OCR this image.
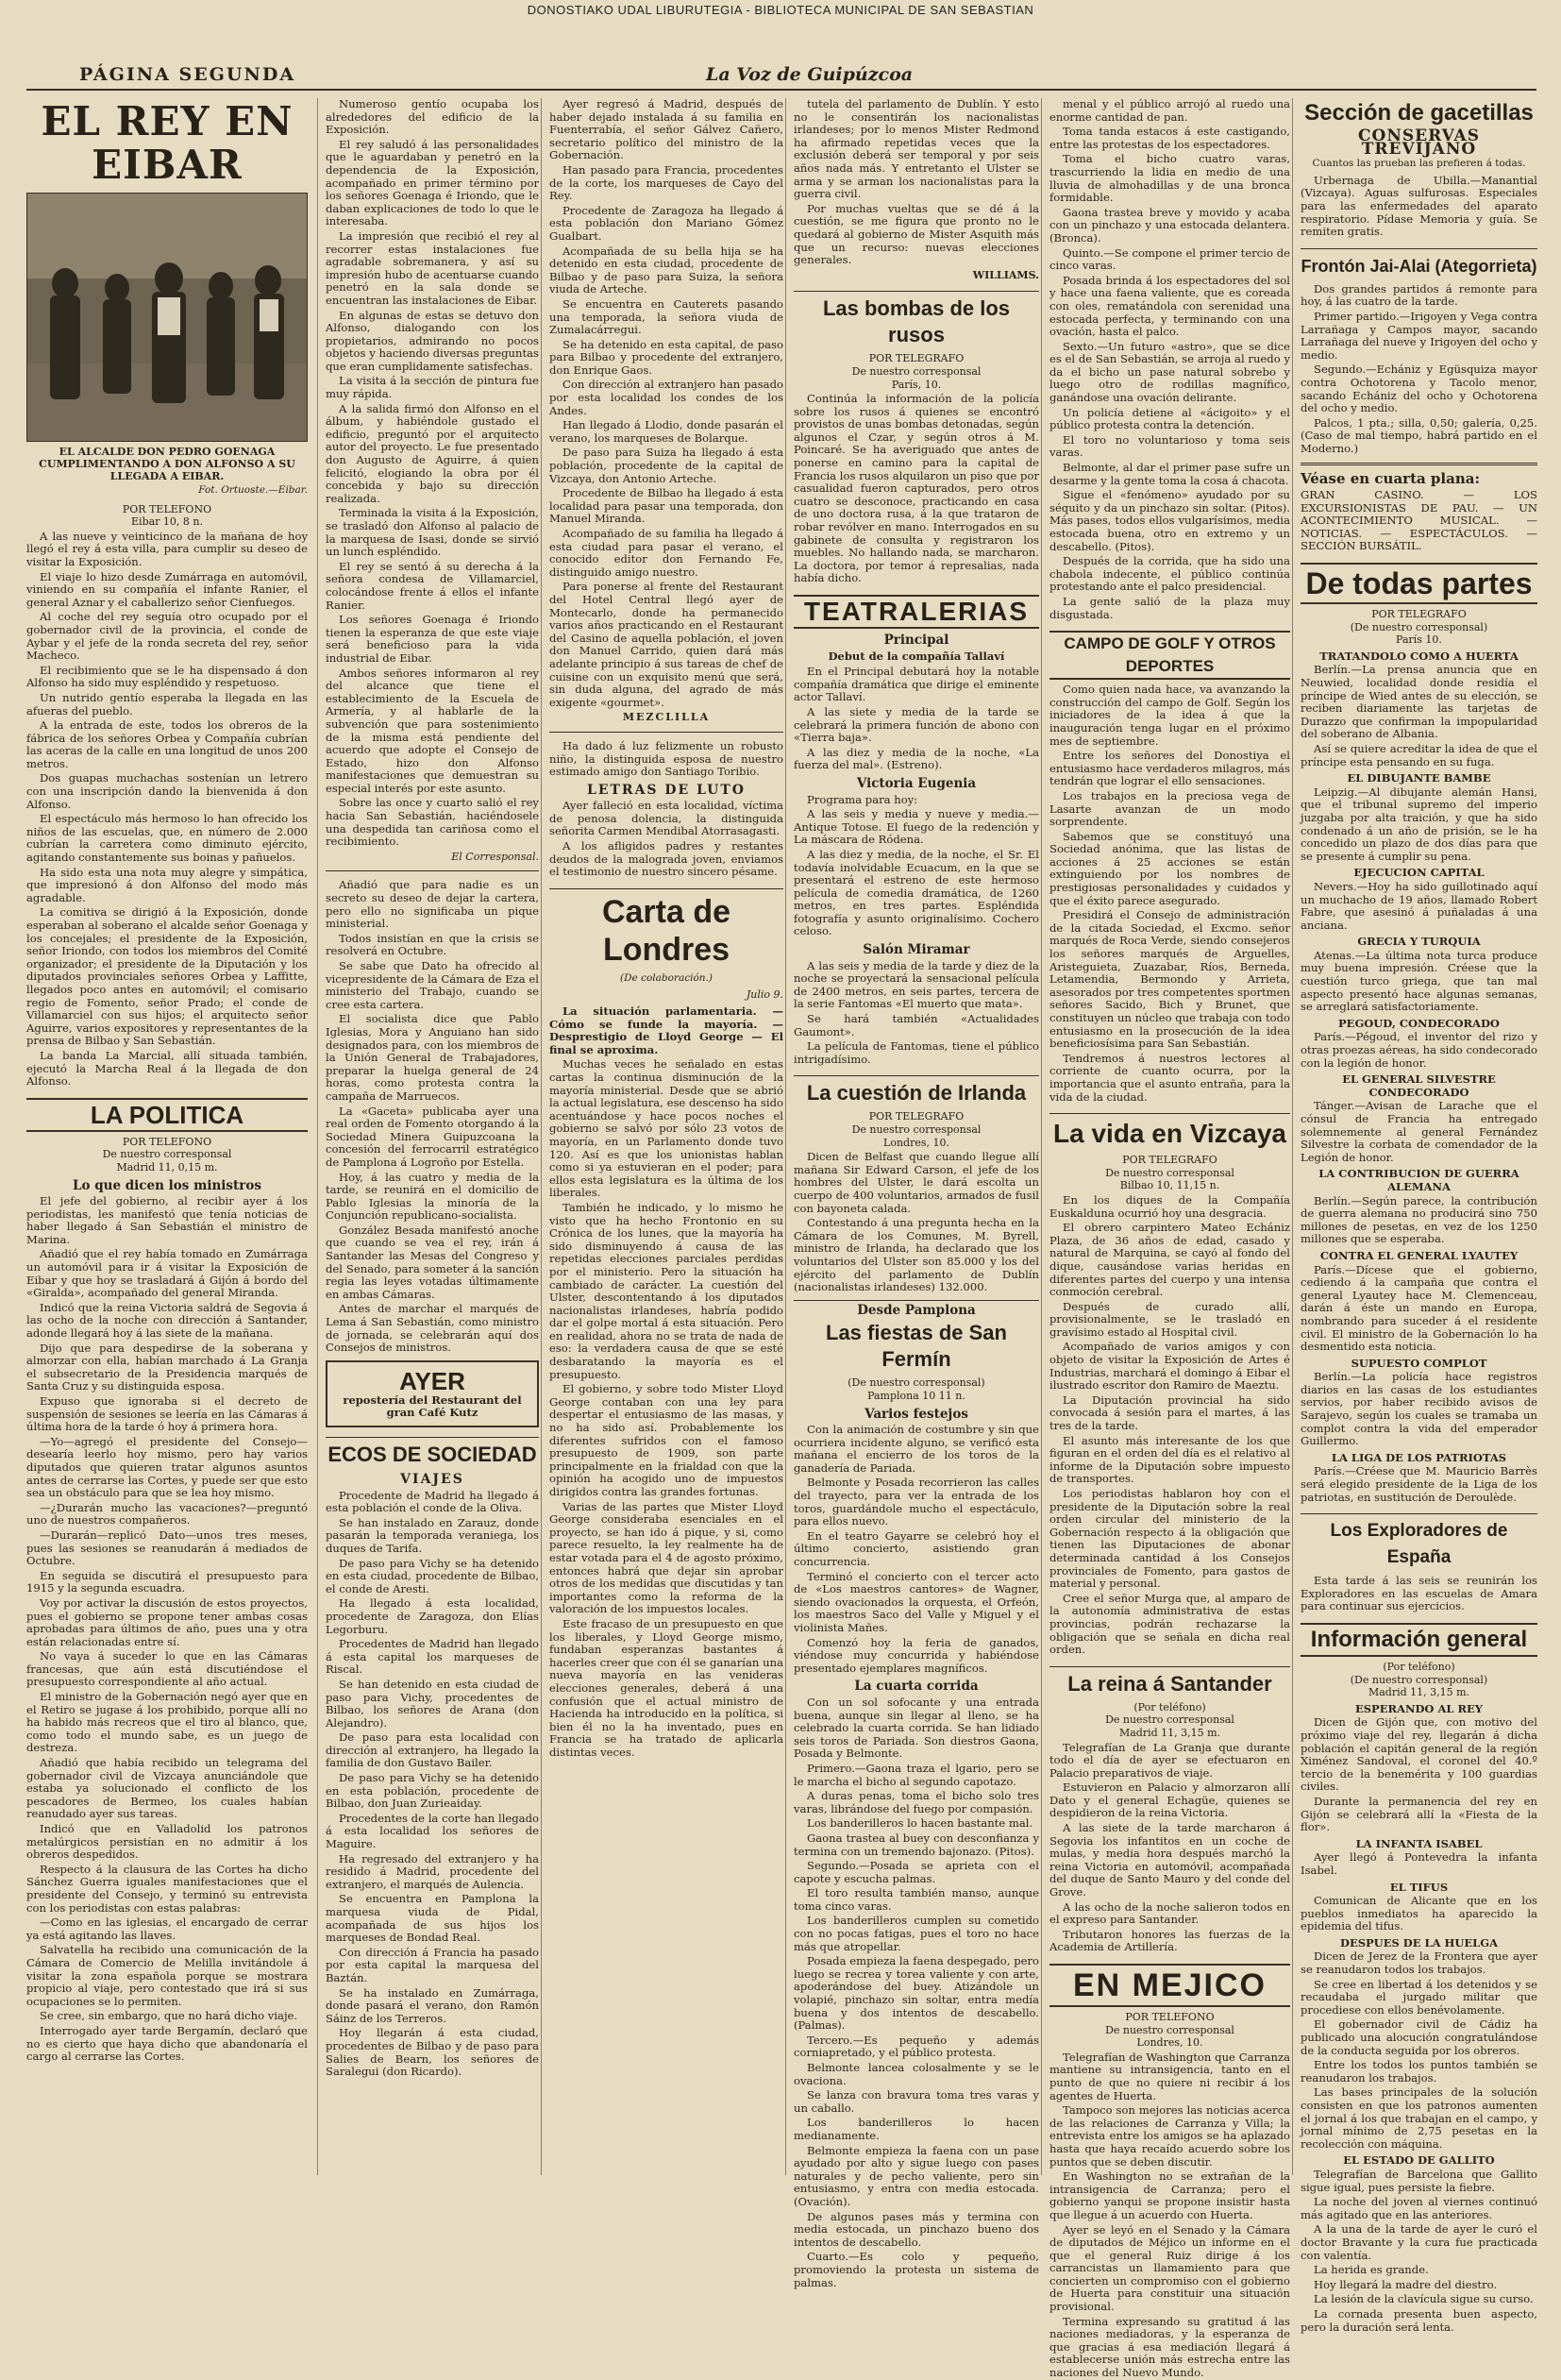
DONOSTIAKO UDAL LIBURUTEGIA - BIBLIOTECA MUNICIPAL DE SAN SEBASTIAN
PÁGINA SEGUNDA	La Voz de Guipúzcoa
EL REY EN EIBAR
EL ALCALDE DON PEDRO GOENAGA CUMPLIMENTANDO A DON ALFONSO A SU LLEGADA A EIBAR.
Fot. Ortuoste.—Eibar.
POR TELEFONO
Eibar 10, 8 n.

A las nueve y veinticinco de la mañana de hoy llegó el rey á esta villa, para cumplir su deseo de visitar la Exposición.

El viaje lo hizo desde Zumárraga en automóvil, viniendo en su compañía el infante Ranier, el general Aznar y el caballerizo señor Cienfuegos.

Al coche del rey seguía otro ocupado por el gobernador civil de la provincia, el conde de Aybar y el jefe de la ronda secreta del rey, señor Macheco.

El recibimiento que se le ha dispensado á don Alfonso ha sido muy espléndido y respetuoso.

Un nutrido gentío esperaba la llegada en las afueras del pueblo.

A la entrada de este, todos los obreros de la fábrica de los señores Orbea y Compañía cubrían las aceras de la calle en una longitud de unos 200 metros.

Dos guapas muchachas sostenían un letrero con una inscripción dando la bienvenida á don Alfonso.

El espectáculo más hermoso lo han ofrecido los niños de las escuelas, que, en número de 2.000 cubrían la carretera como diminuto ejército, agitando constantemente sus boinas y pañuelos.

Ha sido esta una nota muy alegre y simpática, que impresionó á don Alfonso del modo más agradable.

La comitiva se dirigió á la Exposición, donde esperaban al soberano el alcalde señor Goenaga y los concejales; el presidente de la Exposición, señor Iriondo, con todos los miembros del Comité organizador; el presidente de la Diputación y los diputados provinciales señores Orbea y Laffitte, llegados poco antes en automóvil; el comisario regio de Fomento, señor Prado; el conde de Villamarciel con sus hijos; el arquitecto señor Aguirre, varios expositores y representantes de la prensa de Bilbao y San Sebastián.

La banda La Marcial, allí situada también, ejecutó la Marcha Real á la llegada de don Alfonso.

LA POLITICA
POR TELEFONO
De nuestro corresponsal
Madrid 11, 0,15 m.
Lo que dicen los ministros

El jefe del gobierno, al recibir ayer á los periodistas, les manifestó que tenía noticias de haber llegado á San Sebastián el ministro de Marina.

Añadió que el rey había tomado en Zumárraga un automóvil para ir á visitar la Exposición de Eibar y que hoy se trasladará á Gijón á bordo del «Giralda», acompañado del general Miranda.

Indicó que la reina Victoria saldrá de Segovia á las ocho de la noche con dirección á Santander, adonde llegará hoy á las siete de la mañana.

Dijo que para despedirse de la soberana y almorzar con ella, habían marchado á La Granja el subsecretario de la Presidencia marqués de Santa Cruz y su distinguida esposa.

Expuso que ignoraba si el decreto de suspensión de sesiones se leería en las Cámaras á última hora de la tarde ó hoy á primera hora.

—Yo—agregó el presidente del Consejo—desearía leerlo hoy mismo, pero hay varios diputados que quieren tratar algunos asuntos antes de cerrarse las Cortes, y puede ser que esto sea un obstáculo para que se lea hoy mismo.

—¿Durarán mucho las vacaciones?—preguntó uno de nuestros compañeros.

—Durarán—replicó Dato—unos tres meses, pues las sesiones se reanudarán á mediados de Octubre.

En seguida se discutirá el presupuesto para 1915 y la segunda escuadra.

Voy por activar la discusión de estos proyectos, pues el gobierno se propone tener ambas cosas aprobadas para últimos de año, pues una y otra están relacionadas entre sí.

No vaya á suceder lo que en las Cámaras francesas, que aún está discutiéndose el presupuesto correspondiente al año actual.

El ministro de la Gobernación negó ayer que en el Retiro se jugase á los prohibido, porque allí no ha habido más recreos que el tiro al blanco, que, como todo el mundo sabe, es un juego de destreza.

Añadió que había recibido un telegrama del gobernador civil de Vizcaya anunciándole que estaba ya solucionado el conflicto de los pescadores de Bermeo, los cuales habían reanudado ayer sus tareas.

Indicó que en Valladolid los patronos metalúrgicos persistían en no admitir á los obreros despedidos.

Respecto á la clausura de las Cortes ha dicho Sánchez Guerra iguales manifestaciones que el presidente del Consejo, y terminó su entrevista con los periodistas con estas palabras:

—Como en las iglesias, el encargado de cerrar ya está agitando las llaves.

Salvatella ha recibido una comunicación de la Cámara de Comercio de Melilla invitándole á visitar la zona española porque se mostrara propicio al viaje, pero contestado que irá si sus ocupaciones se lo permiten.

Se cree, sin embargo, que no hará dicho viaje.

Interrogado ayer tarde Bergamín, declaró que no es cierto que haya dicho que abandonaría el cargo al cerrarse las Cortes.

Numeroso gentío ocupaba los alrededores del edificio de la Exposición.

El rey saludó á las personalidades que le aguardaban y penetró en la dependencia de la Exposición, acompañado en primer término por los señores Goenaga é Iriondo, que le daban explicaciones de todo lo que le interesaba.

La impresión que recibió el rey al recorrer estas instalaciones fue agradable sobremanera, y así su impresión hubo de acentuarse cuando penetró en la sala donde se encuentran las instalaciones de Eibar.

En algunas de estas se detuvo don Alfonso, dialogando con los propietarios, admirando no pocos objetos y haciendo diversas preguntas que eran cumplidamente satisfechas.

La visita á la sección de pintura fue muy rápida.

A la salida firmó don Alfonso en el álbum, y habiéndole gustado el edificio, preguntó por el arquitecto autor del proyecto. Le fue presentado don Augusto de Aguirre, á quien felicitó, elogiando la obra por él concebida y bajo su dirección realizada.

Terminada la visita á la Exposición, se trasladó don Alfonso al palacio de la marquesa de Isasi, donde se sirvió un lunch espléndido.

El rey se sentó á su derecha á la señora condesa de Villamarciel, colocándose frente á ellos el infante Ranier.

Los señores Goenaga é Iriondo tienen la esperanza de que este viaje será beneficioso para la vida industrial de Eibar.

Ambos señores informaron al rey del alcance que tiene el establecimiento de la Escuela de Armería, y al hablarle de la subvención que para sostenimiento de la misma está pendiente del acuerdo que adopte el Consejo de Estado, hizo don Alfonso manifestaciones que demuestran su especial interés por este asunto.

Sobre las once y cuarto salió el rey hacia San Sebastián, haciéndosele una despedida tan cariñosa como el recibimiento.

El Corresponsal.

Añadió que para nadie es un secreto su deseo de dejar la cartera, pero ello no significaba un pique ministerial.

Todos insistían en que la crisis se resolverá en Octubre.

Se sabe que Dato ha ofrecido al vicepresidente de la Cámara de Eza el ministerio del Trabajo, cuando se cree esta cartera.

El socialista dice que Pablo Iglesias, Mora y Anguiano han sido designados para, con los miembros de la Unión General de Trabajadores, preparar la huelga general de 24 horas, como protesta contra la campaña de Marruecos.

La «Gaceta» publicaba ayer una real orden de Fomento otorgando á la Sociedad Minera Guipuzcoana la concesión del ferrocarril estratégico de Pamplona á Logroño por Estella.

Hoy, á las cuatro y media de la tarde, se reunirá en el domicilio de Pablo Iglesias la minoría de la Conjunción republicano-socialista.

González Besada manifestó anoche que cuando se vea el rey, irán á Santander las Mesas del Congreso y del Senado, para someter á la sanción regia las leyes votadas últimamente en ambas Cámaras.

Antes de marchar el marqués de Lema á San Sebastián, como ministro de jornada, se celebrarán aquí dos Consejos de ministros.

AYER
repostería del Restaurant del gran Café Kutz
ECOS DE SOCIEDAD
VIAJES

Procedente de Madrid ha llegado á esta población el conde de la Oliva.

Se han instalado en Zarauz, donde pasarán la temporada veraniega, los duques de Tarifa.

De paso para Vichy se ha detenido en esta ciudad, procedente de Bilbao, el conde de Aresti.

Ha llegado á esta localidad, procedente de Zaragoza, don Elías Legorburu.

Procedentes de Madrid han llegado á esta capital los marqueses de Riscal.

Se han detenido en esta ciudad de paso para Vichy, procedentes de Bilbao, los señores de Arana (don Alejandro).

De paso para esta localidad con dirección al extranjero, ha llegado la familia de don Gustavo Bailer.

De paso para Vichy se ha detenido en esta población, procedente de Bilbao, don Juan Zurieaiday.

Procedentes de la corte han llegado á esta localidad los señores de Maguire.

Ha regresado del extranjero y ha residido á Madrid, procedente del extranjero, el marqués de Aulencia.

Se encuentra en Pamplona la marquesa viuda de Pidal, acompañada de sus hijos los marqueses de Bondad Real.

Con dirección á Francia ha pasado por esta capital la marquesa del Baztán.

Se ha instalado en Zumárraga, donde pasará el verano, don Ramón Sáinz de los Terreros.

Hoy llegarán á esta ciudad, procedentes de Bilbao y de paso para Salies de Bearn, los señores de Saralegui (don Ricardo).

Ayer regresó á Madrid, después de haber dejado instalada á su familia en Fuenterrabía, el señor Gálvez Cañero, secretario político del ministro de la Gobernación.

Han pasado para Francia, procedentes de la corte, los marqueses de Cayo del Rey.

Procedente de Zaragoza ha llegado á esta población don Mariano Gómez Gualbart.

Acompañada de su bella hija se ha detenido en esta ciudad, procedente de Bilbao y de paso para Suiza, la señora viuda de Arteche.

Se encuentra en Cauterets pasando una temporada, la señora viuda de Zumalacárregui.

Se ha detenido en esta capital, de paso para Bilbao y procedente del extranjero, don Enrique Gaos.

Con dirección al extranjero han pasado por esta localidad los condes de los Andes.

Han llegado á Llodio, donde pasarán el verano, los marqueses de Bolarque.

De paso para Suiza ha llegado á esta población, procedente de la capital de Vizcaya, don Antonio Arteche.

Procedente de Bilbao ha llegado á esta localidad para pasar una temporada, don Manuel Miranda.

Acompañado de su familia ha llegado á esta ciudad para pasar el verano, el conocido editor don Fernando Fe, distinguido amigo nuestro.

Para ponerse al frente del Restaurant del Hotel Central llegó ayer de Montecarlo, donde ha permanecido varios años practicando en el Restaurant del Casino de aquella población, el joven don Manuel Carrido, quien dará más adelante principio á sus tareas de chef de cuisine con un exquisito menú que será, sin duda alguna, del agrado de más exigente «gourmet».

MEZCLILLA

Ha dado á luz felizmente un robusto niño, la distinguida esposa de nuestro estimado amigo don Santiago Toribio.

LETRAS DE LUTO

Ayer falleció en esta localidad, víctima de penosa dolencia, la distinguida señorita Carmen Mendibal Atorrasagasti.

A los afligidos padres y restantes deudos de la malograda joven, enviamos el testimonio de nuestro sincero pésame.

Carta de Londres
(De colaboración.)
Julio 9.

La situación parlamentaria. — Cómo se funde la mayoría. — Desprestigio de Lloyd George — El final se aproxima.

Muchas veces he señalado en estas cartas la continua disminución de la mayoría ministerial. Desde que se abrió la actual legislatura, ese descenso ha sido acentuándose y hace pocos noches el gobierno se salvó por sólo 23 votos de mayoría, en un Parlamento donde tuvo 120. Así es que los unionistas hablan como si ya estuvieran en el poder; para ellos esta legislatura es la última de los liberales.

También he indicado, y lo mismo he visto que ha hecho Frontonio en su Crónica de los lunes, que la mayoría ha sido disminuyendo á causa de las repetidas elecciones parciales perdidas por el ministerio. Pero la situación ha cambiado de carácter. La cuestión del Ulster, descontentando á los diputados nacionalistas irlandeses, habría podido dar el golpe mortal á esta situación. Pero en realidad, ahora no se trata de nada de eso: la verdadera causa de que se esté desbaratando la mayoría es el presupuesto.

El gobierno, y sobre todo Mister Lloyd George contaban con una ley para despertar el entusiasmo de las masas, y no ha sido así. Probablemente los diferentes sufridos con el famoso presupuesto de 1909, son parte principalmente en la frialdad con que la opinión ha acogido uno de impuestos dirigidos contra las grandes fortunas.

Varias de las partes que Mister Lloyd George consideraba esenciales en el proyecto, se han ido á pique, y si, como parece resuelto, la ley realmente ha de estar votada para el 4 de agosto próximo, entonces habrá que dejar sin aprobar otros de los medidas que discutidas y tan importantes como la reforma de la valoración de los impuestos locales.

Este fracaso de un presupuesto en que los liberales, y Lloyd George mismo, fundaban esperanzas bastantes á hacerles creer que con él se ganarían una nueva mayoría en las venideras elecciones generales, deberá á una confusión que el actual ministro de Hacienda ha introducido en la política, si bien él no la ha inventado, pues en Francia se ha tratado de aplicarla distintas veces.

tutela del parlamento de Dublín. Y esto no le consentirán los nacionalistas irlandeses; por lo menos Mister Redmond ha afirmado repetidas veces que la exclusión deberá ser temporal y por seis años nada más. Y entretanto el Ulster se arma y se arman los nacionalistas para la guerra civil.

Por muchas vueltas que se dé á la cuestión, se me figura que pronto no le quedará al gobierno de Mister Asquith más que un recurso: nuevas elecciones generales.

WILLIAMS.
Las bombas de los rusos
POR TELEGRAFO
De nuestro corresponsal
París, 10.

Continúa la información de la policía sobre los rusos á quienes se encontró provistos de unas bombas detonadas, según algunos el Czar, y según otros á M. Poincaré. Se ha averiguado que antes de ponerse en camino para la capital de Francia los rusos alquilaron un piso que por casualidad fueron capturados, pero otros cuatro se desconoce, practicando en casa de uno doctora rusa, á la que trataron de robar revólver en mano. Interrogados en su gabinete de consulta y registraron los muebles. No hallando nada, se marcharon. La doctora, por temor á represalias, nada había dicho.

TEATRALERIAS
Principal
Debut de la compañía Tallaví

En el Principal debutará hoy la notable compañía dramática que dirige el eminente actor Tallaví.

A las siete y media de la tarde se celebrará la primera función de abono con «Tierra baja».

A las diez y media de la noche, «La fuerza del mal». (Estreno).

Victoria Eugenia

Programa para hoy:

A las seis y media y nueve y media.— Antique Totose. El fuego de la redención y La máscara de Ródena.

A las diez y media, de la noche, el Sr. El todavía inolvidable Ecuacum, en la que se presentará el estreno de este hermoso película de comedia dramática, de 1260 metros, en tres partes. Espléndida fotografía y asunto originalísimo. Cochero celoso.

Salón Miramar

A las seis y media de la tarde y diez de la noche se proyectará la sensacional película de 2400 metros, en seis partes, tercera de la serie Fantomas «El muerto que mata».

Se hará también «Actualidades Gaumont».

La película de Fantomas, tiene el público intrigadísimo.

La cuestión de Irlanda
POR TELEGRAFO
De nuestro corresponsal
Londres, 10.

Dicen de Belfast que cuando llegue allí mañana Sir Edward Carson, el jefe de los hombres del Ulster, le dará escolta un cuerpo de 400 voluntarios, armados de fusil con bayoneta calada.

Contestando á una pregunta hecha en la Cámara de los Comunes, M. Byrell, ministro de Irlanda, ha declarado que los voluntarios del Ulster son 85.000 y los del ejército del parlamento de Dublín (nacionalistas irlandeses) 132.000.

Desde Pamplona
Las fiestas de San Fermín
(De nuestro corresponsal)
Pamplona 10 11 n.
Varios festejos

Con la animación de costumbre y sin que ocurriera incidente alguno, se verificó esta mañana el encierro de los toros de la ganadería de Pariada.

Belmonte y Posada recorrieron las calles del trayecto, para ver la entrada de los toros, guardándole mucho el espectáculo, para ellos nuevo.

En el teatro Gayarre se celebró hoy el último concierto, asistiendo gran concurrencia.

Terminó el concierto con el tercer acto de «Los maestros cantores» de Wagner, siendo ovacionados la orquesta, el Orfeón, los maestros Saco del Valle y Miguel y el violinista Mañes.

Comenzó hoy la feria de ganados, viéndose muy concurrida y habiéndose presentado ejemplares magníficos.

La cuarta corrida

Con un sol sofocante y una entrada buena, aunque sin llegar al lleno, se ha celebrado la cuarta corrida. Se han lidiado seis toros de Pariada. Son diestros Gaona, Posada y Belmonte.

Primero.—Gaona traza el lgario, pero se le marcha el bicho al segundo capotazo.

A duras penas, toma el bicho solo tres varas, librándose del fuego por compasión.

Los banderilleros lo hacen bastante mal.

Gaona trastea al buey con desconfianza y termina con un tremendo bajonazo. (Pitos).

Segundo.—Posada se aprieta con el capote y escucha palmas.

El toro resulta también manso, aunque toma cinco varas.

Los banderilleros cumplen su cometido con no pocas fatigas, pues el toro no hace más que atropellar.

Posada empieza la faena despegado, pero luego se recrea y torea valiente y con arte, apoderándose del buey. Atizándole un volapié, pinchazo sin soltar, entra medía buena y dos intentos de descabello. (Palmas).

Tercero.—Es pequeño y además corniapretado, y el público protesta.

Belmonte lancea colosalmente y se le ovaciona.

Se lanza con bravura toma tres varas y un caballo.

Los banderilleros lo hacen medianamente.

Belmonte empieza la faena con un pase ayudado por alto y sigue luego con pases naturales y de pecho valiente, pero sin entusiasmo, y entra con media estocada. (Ovación).

De algunos pases más y termina con media estocada, un pinchazo bueno dos intentos de descabello.

Cuarto.—Es colo y pequeño, promoviendo la protesta un sistema de palmas.

menal y el público arrojó al ruedo una enorme cantidad de pan.

Toma tanda estacos á este castigando, entre las protestas de los espectadores.

Toma el bicho cuatro varas, trascurriendo la lidia en medio de una lluvia de almohadillas y de una bronca formidable.

Gaona trastea breve y movido y acaba con un pinchazo y una estocada delantera. (Bronca).

Quinto.—Se compone el primer tercio de cinco varas.

Posada brinda á los espectadores del sol y hace una faena valiente, que es coreada con oles, rematándola con serenidad una estocada perfecta, y terminando con una ovación, hasta el palco.

Sexto.—Un futuro «astro», que se dice es el de San Sebastián, se arroja al ruedo y da el bicho un pase natural sobrebo y luego otro de rodillas magnífico, ganándose una ovación delirante.

Un policía detiene al «ácigoito» y el público protesta contra la detención.

El toro no voluntarioso y toma seis varas.

Belmonte, al dar el primer pase sufre un desarme y la gente toma la cosa á chacota.

Sigue el «fenómeno» ayudado por su séquito y da un pinchazo sin soltar. (Pitos). Más pases, todos ellos vulgarísimos, media estocada buena, otro en extremo y un descabello. (Pitos).

Después de la corrida, que ha sido una chabola indecente, el público continúa protestando ante el palco presidencial.

La gente salió de la plaza muy disgustada.

CAMPO DE GOLF Y OTROS DEPORTES

Como quien nada hace, va avanzando la construcción del campo de Golf. Según los iniciadores de la idea á que la inauguración tenga lugar en el próximo mes de septiembre.

Entre los señores del Donostiya el entusiasmo hace verdaderos milagros, más tendrán que lograr el ello sensaciones.

Los trabajos en la preciosa vega de Lasarte avanzan de un modo sorprendente.

Sabemos que se constituyó una Sociedad anónima, que las listas de acciones á 25 acciones se están extinguiendo por los nombres de prestigiosas personalidades y cuidados y que el éxito parece asegurado.

Presidirá el Consejo de administración de la citada Sociedad, el Excmo. señor marqués de Roca Verde, siendo consejeros los señores marqués de Arguelles, Aristeguieta, Zuazabar, Ríos, Berneda, Letamendia, Bermondo y Arrieta, asesorados por tres competentes sportmen señores Sacido, Bich y Brunet, que constituyen un núcleo que trabaja con todo entusiasmo en la prosecución de la idea beneficiosísima para San Sebastián.

Tendremos á nuestros lectores al corriente de cuanto ocurra, por la importancia que el asunto entraña, para la vida de la ciudad.

La vida en Vizcaya
POR TELEGRAFO
De nuestro corresponsal
Bilbao 10, 11,15 n.

En los diques de la Compañía Euskalduna ocurrió hoy una desgracia.

El obrero carpintero Mateo Echániz Plaza, de 36 años de edad, casado y natural de Marquina, se cayó al fondo del dique, causándose varias heridas en diferentes partes del cuerpo y una intensa conmoción cerebral.

Después de curado allí, provisionalmente, se le trasladó en gravísimo estado al Hospital civil.

Acompañado de varios amigos y con objeto de visitar la Exposición de Artes é Industrias, marchará el domingo á Eibar el ilustrado escritor don Ramiro de Maeztu.

La Diputación provincial ha sido convocada á sesión para el martes, á las tres de la tarde.

El asunto más interesante de los que figuran en el orden del día es el relativo al informe de la Diputación sobre impuesto de transportes.

Los periodistas hablaron hoy con el presidente de la Diputación sobre la real orden circular del ministerio de la Gobernación respecto á la obligación que tienen las Diputaciones de abonar determinada cantidad á los Consejos provinciales de Fomento, para gastos de material y personal.

Cree el señor Murga que, al amparo de la autonomía administrativa de estas provincias, podrán rechazarse la obligación que se señala en dicha real orden.

La reina á Santander
(Por teléfono)
De nuestro corresponsal
Madrid 11, 3,15 m.

Telegrafían de La Granja que durante todo el día de ayer se efectuaron en Palacio preparativos de viaje.

Estuvieron en Palacio y almorzaron allí Dato y el general Echagüe, quienes se despidieron de la reina Victoria.

A las siete de la tarde marcharon á Segovia los infantitos en un coche de mulas, y media hora después marchó la reina Victoria en automóvil, acompañada del duque de Santo Mauro y del conde del Grove.

A las ocho de la noche salieron todos en el expreso para Santander.

Tributaron honores las fuerzas de la Academia de Artillería.

EN MEJICO
POR TELEFONO
De nuestro corresponsal
Londres, 10.

Telegrafían de Washington que Carranza mantiene su intransigencia, tanto en el punto de que no quiere ni recibir á los agentes de Huerta.

Tampoco son mejores las noticias acerca de las relaciones de Carranza y Villa; la entrevista entre los amigos se ha aplazado hasta que haya recaído acuerdo sobre los puntos que se deben discutir.

En Washington no se extrañan de la intransigencia de Carranza; pero el gobierno yanqui se propone insistir hasta que llegue á un acuerdo con Huerta.

Ayer se leyó en el Senado y la Cámara de diputados de Méjico un informe en el que el general Ruiz dirige á los carrancistas un llamamiento para que concierten un compromiso con el gobierno de Huerta para constituir una situación provisional.

Termina expresando su gratitud á las naciones mediadoras, y la esperanza de que gracias á esa mediación llegará á establecerse unión más estrecha entre las naciones del Nuevo Mundo.

Sección de gacetillas
CONSERVAS TREVIJANO
Cuantos las prueban las prefieren á todas.

Urbernaga de Ubilla.—Manantial (Vizcaya). Aguas sulfurosas. Especiales para las enfermedades del aparato respiratorio. Pídase Memoria y guía. Se remiten gratis.

Frontón Jai-Alai (Ategorrieta)

Dos grandes partidos á remonte para hoy, á las cuatro de la tarde.

Primer partido.—Irigoyen y Vega contra Larrañaga y Campos mayor, sacando Larrañaga del nueve y Irigoyen del ocho y medio.

Segundo.—Echániz y Egüsquiza mayor contra Ochotorena y Tacolo menor, sacando Echániz del ocho y Ochotorena del ocho y medio.

Palcos, 1 pta.; silla, 0,50; galería, 0,25. (Caso de mal tiempo, habrá partido en el Moderno.)

Véase en cuarta plana:

GRAN CASINO. — LOS EXCURSIONISTAS DE PAU. — UN ACONTECIMIENTO MUSICAL. — NOTICIAS. — ESPECTÁCULOS. — SECCIÓN BURSÁTIL.

De todas partes
POR TELEGRAFO
(De nuestro corresponsal)
París 10.
TRATANDOLO COMO A HUERTA

Berlín.—La prensa anuncia que en Neuwied, localidad donde residía el príncipe de Wied antes de su elección, se reciben diariamente las tarjetas de Durazzo que confirman la impopularidad del soberano de Albania.

Así se quiere acreditar la idea de que el príncipe esta pensando en su fuga.

EL DIBUJANTE BAMBE

Leipzig.—Al dibujante alemán Hansi, que el tribunal supremo del imperio juzgaba por alta traición, y que ha sido condenado á un año de prisión, se le ha concedido un plazo de dos días para que se presente á cumplir su pena.

EJECUCION CAPITAL

Nevers.—Hoy ha sido guillotinado aquí un muchacho de 19 años, llamado Robert Fabre, que asesinó á puñaladas á una anciana.

GRECIA Y TURQUIA

Atenas.—La última nota turca produce muy buena impresión. Créese que la cuestión turco griega, que tan mal aspecto presentó hace algunas semanas, se arreglará satisfactoriamente.

PEGOUD, CONDECORADO

París.—Pégoud, el inventor del rizo y otras proezas aéreas, ha sido condecorado con la legión de honor.

EL GENERAL SILVESTRE CONDECORADO

Tánger.—Avisan de Larache que el cónsul de Francia ha entregado solemnemente al general Fernández Silvestre la corbata de comendador de la Legión de honor.

LA CONTRIBUCION DE GUERRA ALEMANA

Berlín.—Según parece, la contribución de guerra alemana no producirá sino 750 millones de pesetas, en vez de los 1250 millones que se esperaba.

CONTRA EL GENERAL LYAUTEY

París.—Dícese que el gobierno, cediendo á la campaña que contra el general Lyautey hace M. Clemenceau, darán á éste un mando en Europa, nombrando para suceder á el residente civil. El ministro de la Gobernación lo ha desmentido esta noticia.

SUPUESTO COMPLOT

Berlín.—La policía hace registros diarios en las casas de los estudiantes servios, por haber recibido avisos de Sarajevo, según los cuales se tramaba un complot contra la vida del emperador Guillermo.

LA LIGA DE LOS PATRIOTAS

París.—Créese que M. Mauricio Barrès será elegido presidente de la Liga de los patriotas, en sustitución de Deroulède.

Los Exploradores de España

Esta tarde á las seis se reunirán los Exploradores en las escuelas de Amara para continuar sus ejercicios.

Información general
(Por teléfono)
(De nuestro corresponsal)
Madrid 11, 3,15 m.
ESPERANDO AL REY

Dicen de Gijón que, con motivo del próximo viaje del rey, llegarán á dicha población el capitán general de la región Ximénez Sandoval, el coronel del 40.º tercio de la benemérita y 100 guardias civiles.

Durante la permanencia del rey en Gijón se celebrará allí la «Fiesta de la flor».

LA INFANTA ISABEL

Ayer llegó á Pontevedra la infanta Isabel.

EL TIFUS

Comunican de Alicante que en los pueblos inmediatos ha aparecido la epidemia del tifus.

DESPUES DE LA HUELGA

Dicen de Jerez de la Frontera que ayer se reanudaron todos los trabajos.

Se cree en libertad á los detenidos y se recaudaba el jurgado militar que procediese con ellos benévolamente.

El gobernador civil de Cádiz ha publicado una alocución congratulándose de la conducta seguida por los obreros.

Entre los todos los puntos también se reanudaron los trabajos.

Las bases principales de la solución consisten en que los patronos aumenten el jornal á los que trabajan en el campo, y jornal mínimo de 2,75 pesetas en la recolección con máquina.

EL ESTADO DE GALLITO

Telegrafían de Barcelona que Gallito sigue igual, pues persiste la fiebre.

La noche del joven al viernes continuó más agitado que en las anteriores.

A la una de la tarde de ayer le curó el doctor Bravante y la cura fue practicada con valentía.

La herida es grande.

Hoy llegará la madre del diestro.

La lesión de la clavícula sigue su curso.

La cornada presenta buen aspecto, pero la duración será lenta.
